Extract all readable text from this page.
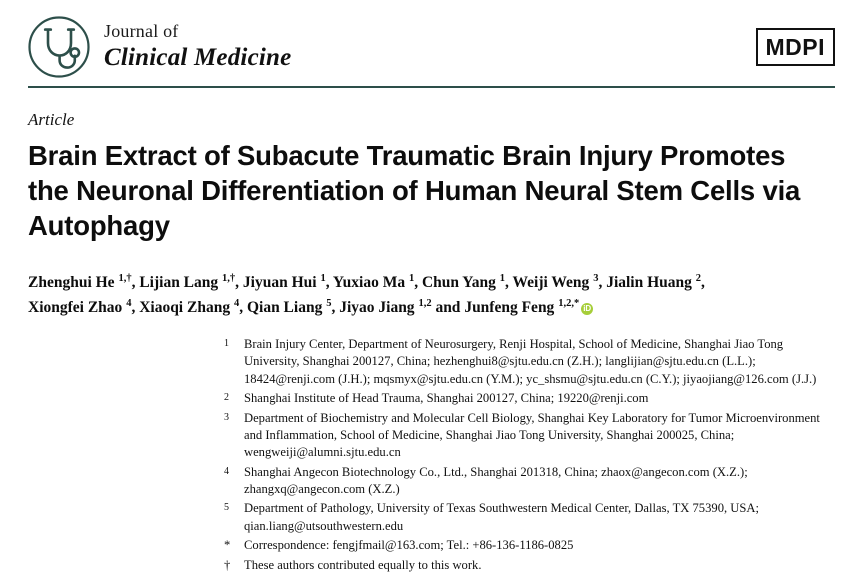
Journal of
Clinical Medicine	MDPI
Article
Brain Extract of Subacute Traumatic Brain Injury Promotes the Neuronal Differentiation of Human Neural Stem Cells via Autophagy
Zhenghui He $^{1,\dagger}$, Lijian Lang $^{1,\dagger}$, Jiyuan Hui $^1$, Yuxiao Ma $^1$, Chun Yang $^1$, Weiji Weng $^3$, Jialin Huang $^2$, Xiongfei Zhao $^4$, Xiaoqi Zhang $^4$, Qian Liang $^5$, Jiyao Jiang $^{1,2}$ and Junfeng Feng $^{1,2,*}$ iD
1	Brain Injury Center, Department of Neurosurgery, Renji Hospital, School of Medicine, Shanghai Jiao Tong University, Shanghai 200127, China; hezhenghui8@sjtu.edu.cn (Z.H.); langlijian@sjtu.edu.cn (L.L.); 18424@renji.com (J.H.); mqsmyx@sjtu.edu.cn (Y.M.); yc_shsmu@sjtu.edu.cn (C.Y.); jiyaojiang@126.com (J.J.)
2	Shanghai Institute of Head Trauma, Shanghai 200127, China; 19220@renji.com
3	Department of Biochemistry and Molecular Cell Biology, Shanghai Key Laboratory for Tumor Microenvironment and Inflammation, School of Medicine, Shanghai Jiao Tong University, Shanghai 200025, China; wengweiji@alumni.sjtu.edu.cn
4	Shanghai Angecon Biotechnology Co., Ltd., Shanghai 201318, China; zhaox@angecon.com (X.Z.); zhangxq@angecon.com (X.Z.)
5	Department of Pathology, University of Texas Southwestern Medical Center, Dallas, TX 75390, USA; qian.liang@utsouthwestern.edu
*	Correspondence: fengjfmail@163.com; Tel.: +86-136-1186-0825
†	These authors contributed equally to this work.
